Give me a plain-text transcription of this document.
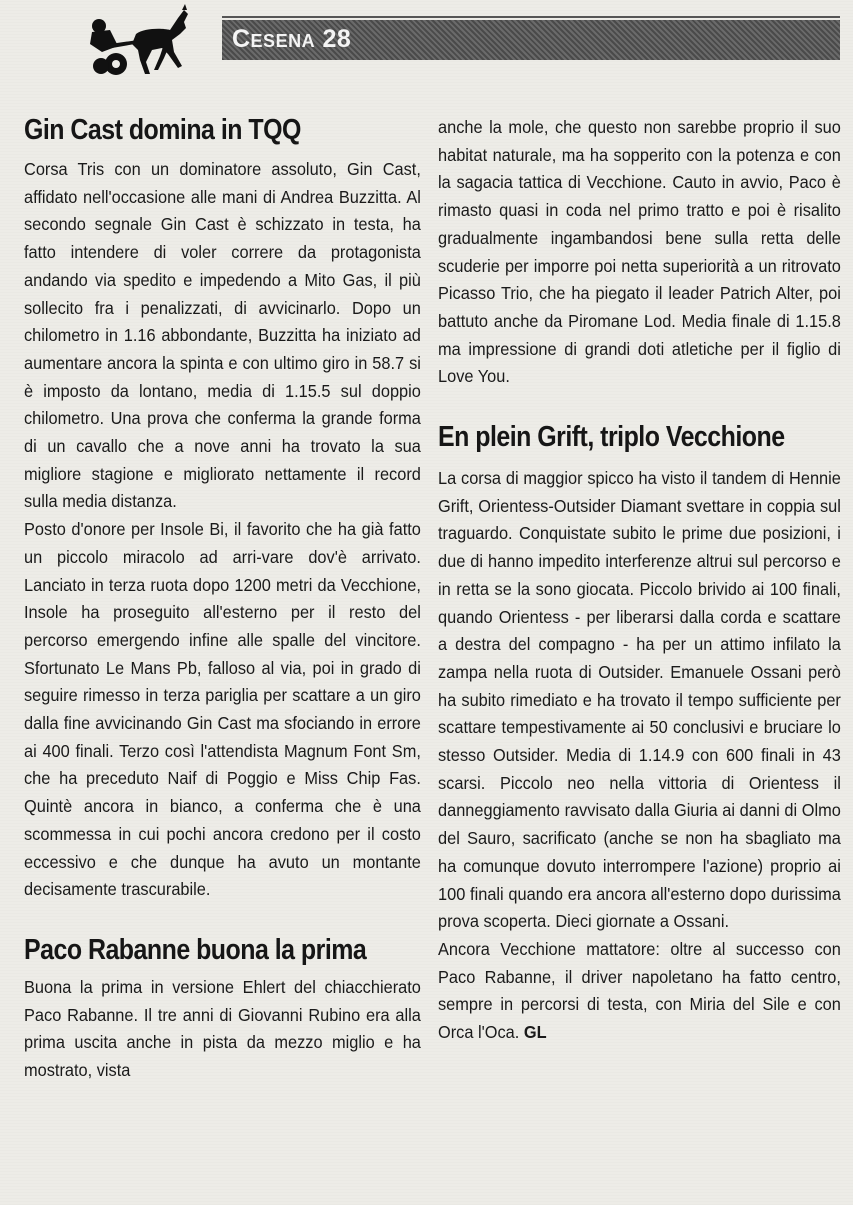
Cesena 28
Gin Cast domina in TQQ

Corsa Tris con un dominatore assoluto, Gin Cast, affidato nell'occasione alle mani di Andrea Buzzitta. Al secondo segnale Gin Cast è schizzato in testa, ha fatto intendere di voler correre da protagonista andando via spedito e impedendo a Mito Gas, il più sollecito fra i penalizzati, di avvicinarlo. Dopo un chilometro in 1.16 abbondante, Buzzitta ha iniziato ad aumentare ancora la spinta e con ultimo giro in 58.7 si è imposto da lontano, media di 1.15.5 sul doppio chilometro. Una prova che conferma la grande forma di un cavallo che a nove anni ha trovato la sua migliore stagione e migliorato nettamente il record sulla media distanza.

Posto d'onore per Insole Bi, il favorito che ha già fatto un piccolo miracolo ad arri-vare dov'è arrivato. Lanciato in terza ruota dopo 1200 metri da Vecchione, Insole ha proseguito all'esterno per il resto del percorso emergendo infine alle spalle del vincitore. Sfortunato Le Mans Pb, falloso al via, poi in grado di seguire rimesso in terza pariglia per scattare a un giro dalla fine avvicinando Gin Cast ma sfociando in errore ai 400 finali. Terzo così l'attendista Magnum Font Sm, che ha preceduto Naif di Poggio e Miss Chip Fas. Quintè ancora in bianco, a conferma che è una scommessa in cui pochi ancora credono per il costo eccessivo e che dunque ha avuto un montante decisamente trascurabile.

Paco Rabanne buona la prima

Buona la prima in versione Ehlert del chiacchierato Paco Rabanne. Il tre anni di Giovanni Rubino era alla prima uscita anche in pista da mezzo miglio e ha mostrato, vista

anche la mole, che questo non sarebbe proprio il suo habitat naturale, ma ha sopperito con la potenza e con la sagacia tattica di Vecchione. Cauto in avvio, Paco è rimasto quasi in coda nel primo tratto e poi è risalito gradualmente ingambandosi bene sulla retta delle scuderie per imporre poi netta superiorità a un ritrovato Picasso Trio, che ha piegato il leader Patrich Alter, poi battuto anche da Piromane Lod. Media finale di 1.15.8 ma impressione di grandi doti atletiche per il figlio di Love You.

En plein Grift, triplo Vecchione

La corsa di maggior spicco ha visto il tandem di Hennie Grift, Orientess-Outsider Diamant svettare in coppia sul traguardo. Conquistate subito le prime due posizioni, i due di hanno impedito interferenze altrui sul percorso e in retta se la sono giocata. Piccolo brivido ai 100 finali, quando Orientess - per liberarsi dalla corda e scattare a destra del compagno - ha per un attimo infilato la zampa nella ruota di Outsider. Emanuele Ossani però ha subito rimediato e ha trovato il tempo sufficiente per scattare tempestivamente ai 50 conclusivi e bruciare lo stesso Outsider. Media di 1.14.9 con 600 finali in 43 scarsi. Piccolo neo nella vittoria di Orientess il danneggiamento ravvisato dalla Giuria ai danni di Olmo del Sauro, sacrificato (anche se non ha sbagliato ma ha comunque dovuto interrompere l'azione) proprio ai 100 finali quando era ancora all'esterno dopo durissima prova scoperta. Dieci giornate a Ossani.

Ancora Vecchione mattatore: oltre al successo con Paco Rabanne, il driver napoletano ha fatto centro, sempre in percorsi di testa, con Miria del Sile e con Orca l'Oca. GL
